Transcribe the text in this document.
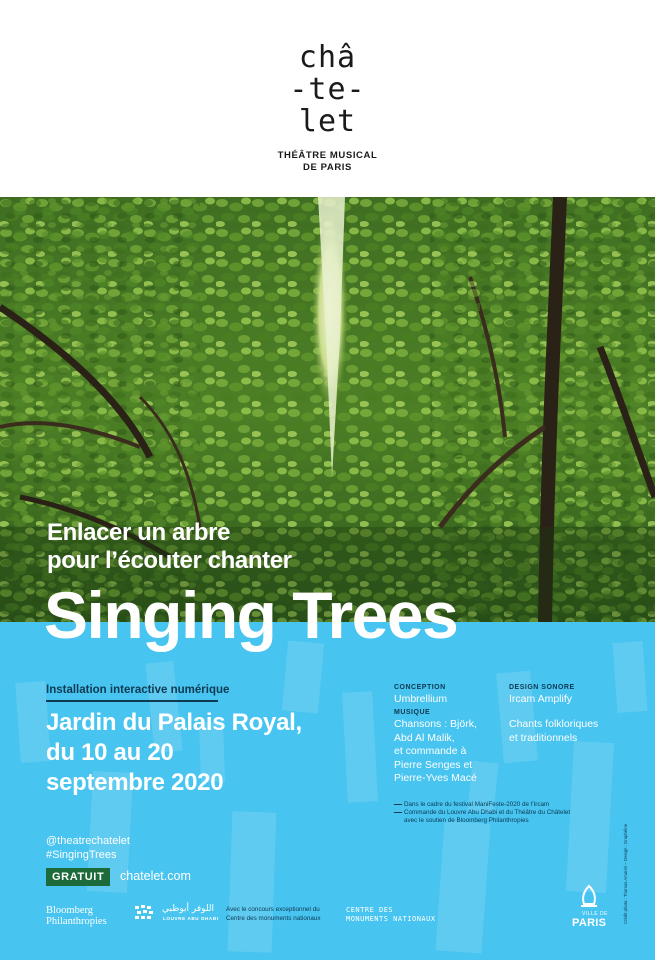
châ
-te-
let
THÉÂTRE MUSICAL
DE PARIS
Enlacer un arbre
pour l’écouter chanter
Singing Trees
Installation interactive numérique
Jardin du Palais Royal,
du 10 au 20
septembre 2020
CONCEPTION
Umbrellium
MUSIQUE
Chansons : Björk,
Abd Al Malik,
et commande à
Pierre Senges et
Pierre-Yves Macé
DESIGN SONORE
Ircam Amplify
Chants folkloriques
et traditionnels
Dans le cadre du festival ManiFeste-2020 de l’Ircam
Commande du Louvre Abu Dhabi et du Théâtre du Châtelet
avec le soutien de Bloomberg Philanthropies
@theatrechatelet
#SingingTrees
GRATUIT	chatelet.com
Bloomberg
Philanthropies
اللوفر أبوظبي
LOUVRE ABU DHABI
Avec le concours exceptionnel du
Centre des monuments nationaux
CENTRE DES
MONUMENTS NATIONAUX
VILLE DE
PARIS	Crédit photo : Thomas Amorim – Design : Graphéine
